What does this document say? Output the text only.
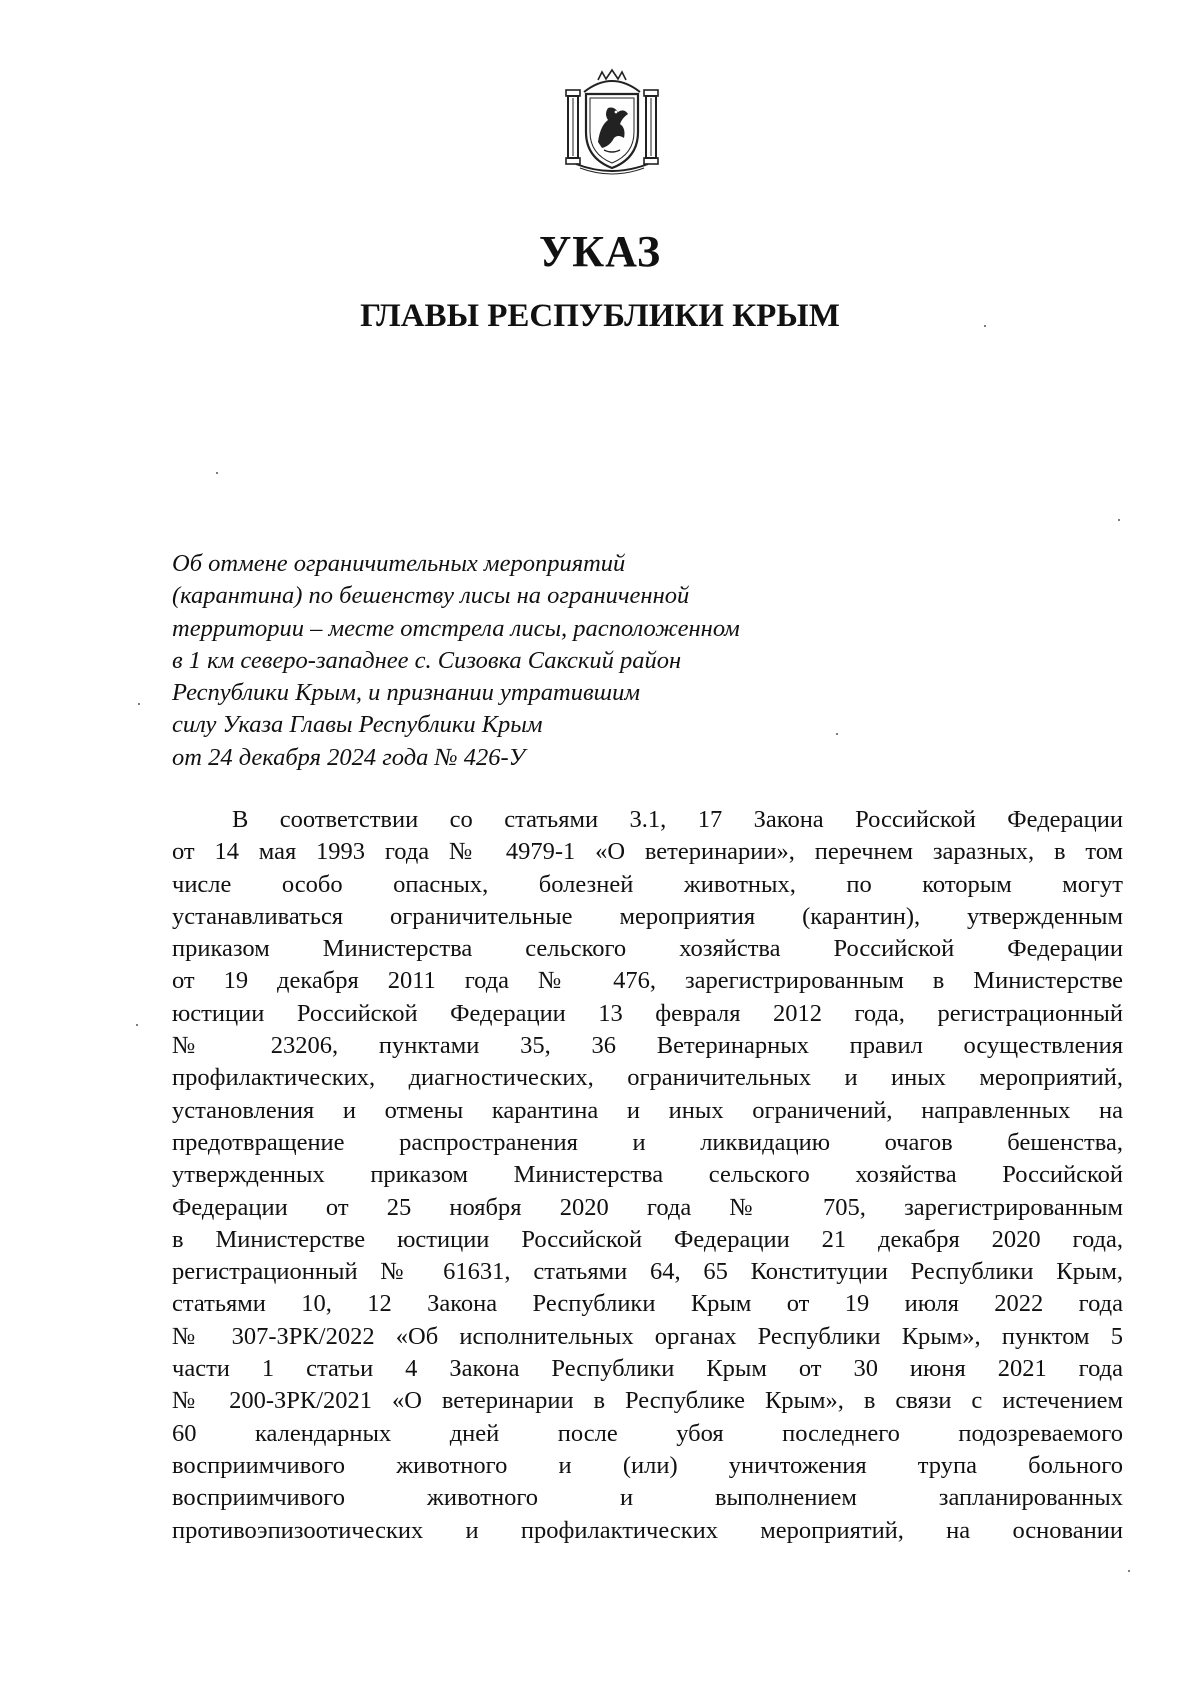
УКАЗ
ГЛАВЫ РЕСПУБЛИКИ КРЫМ
Об отмене ограничительных мероприятий
(карантина) по бешенству лисы на ограниченной
территории – месте отстрела лисы, расположенном
в 1 км северо-западнее с. Сизовка Сакский район
Республики Крым, и признании утратившим
силу Указа Главы Республики Крым
от 24 декабря 2024 года № 426-У
В соответствии со статьями 3.1, 17 Закона Российской Федерации
от 14 мая 1993 года № 4979-1 «О ветеринарии», перечнем заразных, в том
числе особо опасных, болезней животных, по которым могут
устанавливаться ограничительные мероприятия (карантин), утвержденным
приказом Министерства сельского хозяйства Российской Федерации
от 19 декабря 2011 года № 476, зарегистрированным в Министерстве
юстиции Российской Федерации 13 февраля 2012 года, регистрационный
№ 23206, пунктами 35, 36 Ветеринарных правил осуществления
профилактических, диагностических, ограничительных и иных мероприятий,
установления и отмены карантина и иных ограничений, направленных на
предотвращение распространения и ликвидацию очагов бешенства,
утвержденных приказом Министерства сельского хозяйства Российской
Федерации от 25 ноября 2020 года № 705, зарегистрированным
в Министерстве юстиции Российской Федерации 21 декабря 2020 года,
регистрационный № 61631, статьями 64, 65 Конституции Республики Крым,
статьями 10, 12 Закона Республики Крым от 19 июля 2022 года
№ 307-ЗРК/2022 «Об исполнительных органах Республики Крым», пунктом 5
части 1 статьи 4 Закона Республики Крым от 30 июня 2021 года
№ 200-ЗРК/2021 «О ветеринарии в Республике Крым», в связи с истечением
60 календарных дней после убоя последнего подозреваемого
восприимчивого животного и (или) уничтожения трупа больного
восприимчивого животного и выполнением запланированных
противоэпизоотических и профилактических мероприятий, на основании
